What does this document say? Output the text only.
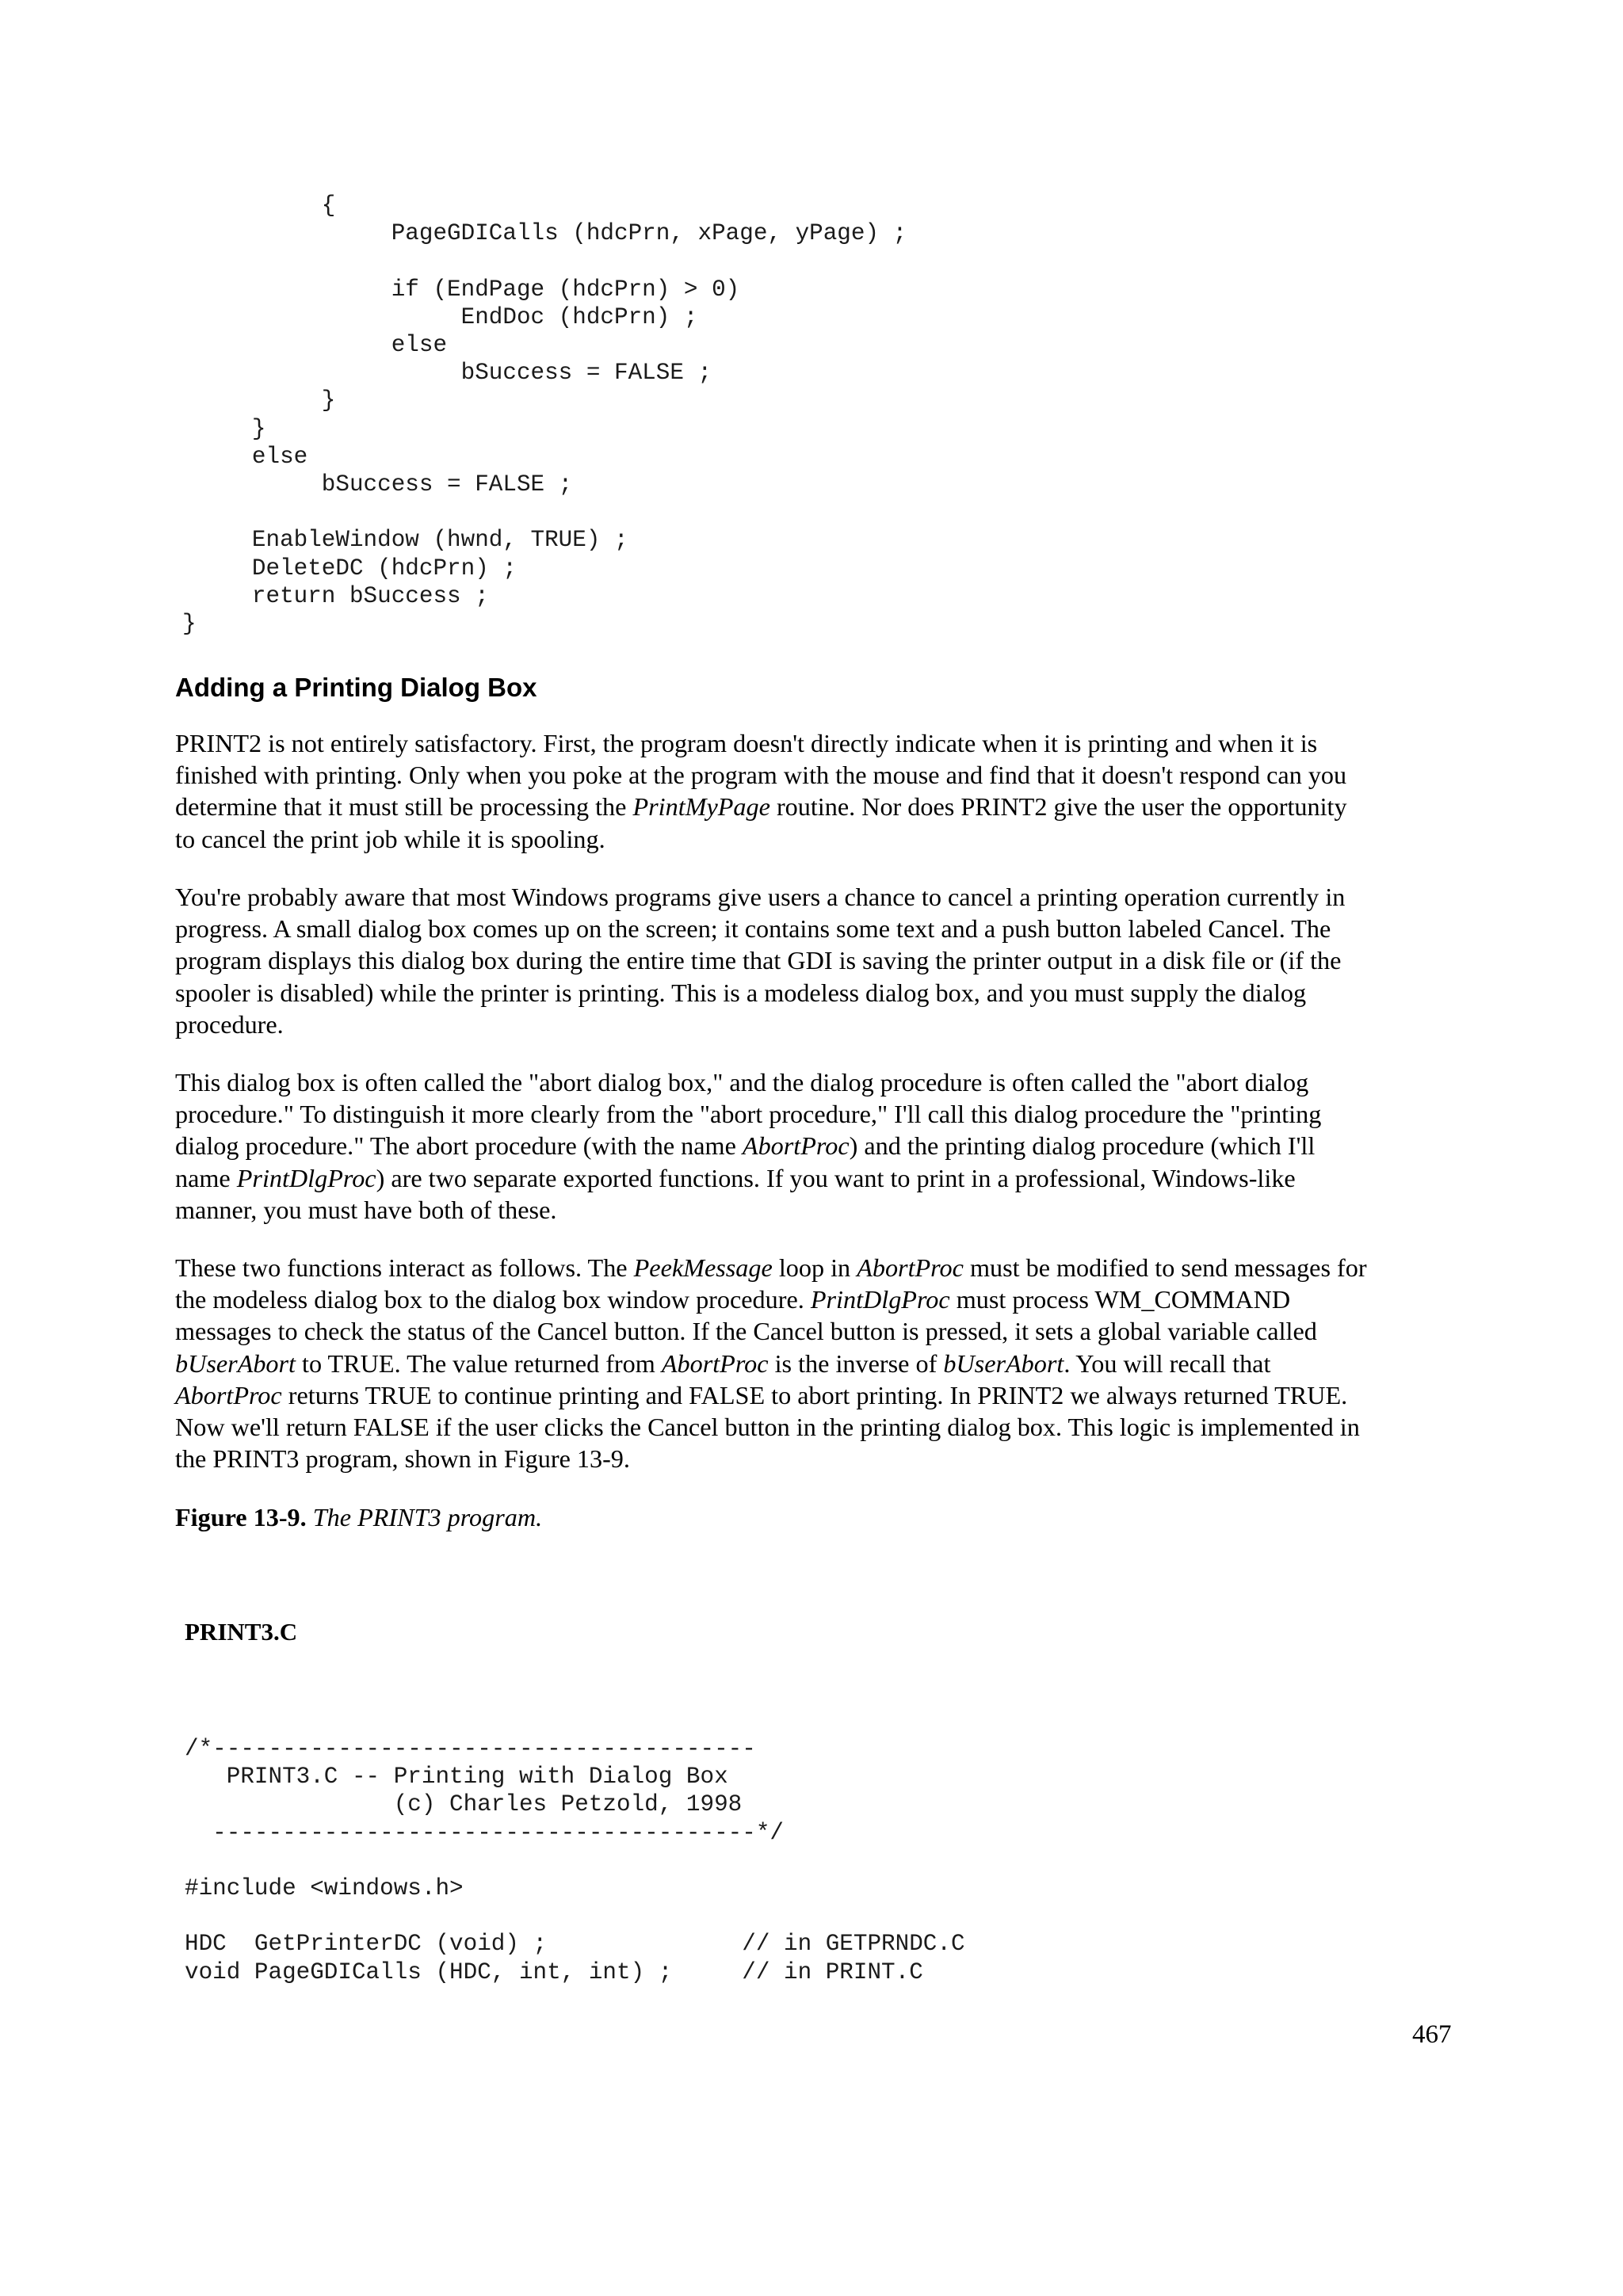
{
PageGDICalls (hdcPrn, xPage, yPage) ;

if (EndPage (hdcPrn) > 0)
EndDoc (hdcPrn) ;
else
bSuccess = FALSE ;
}
}
else
bSuccess = FALSE ;

EnableWindow (hwnd, TRUE) ;
DeleteDC (hdcPrn) ;
return bSuccess ;
}
Adding a Printing Dialog Box

PRINT2 is not entirely satisfactory. First, the program doesn't directly indicate when it is printing and when it is
finished with printing. Only when you poke at the program with the mouse and find that it doesn't respond can you
determine that it must still be processing the PrintMyPage routine. Nor does PRINT2 give the user the opportunity
to cancel the print job while it is spooling.

You're probably aware that most Windows programs give users a chance to cancel a printing operation currently in
progress. A small dialog box comes up on the screen; it contains some text and a push button labeled Cancel. The
program displays this dialog box during the entire time that GDI is saving the printer output in a disk file or (if the
spooler is disabled) while the printer is printing. This is a modeless dialog box, and you must supply the dialog
procedure.

This dialog box is often called the "abort dialog box," and the dialog procedure is often called the "abort dialog
procedure." To distinguish it more clearly from the "abort procedure," I'll call this dialog procedure the "printing
dialog procedure." The abort procedure (with the name AbortProc) and the printing dialog procedure (which I'll
name PrintDlgProc) are two separate exported functions. If you want to print in a professional, Windows-like
manner, you must have both of these.

These two functions interact as follows. The PeekMessage loop in AbortProc must be modified to send messages for
the modeless dialog box to the dialog box window procedure. PrintDlgProc must process WM_COMMAND
messages to check the status of the Cancel button. If the Cancel button is pressed, it sets a global variable called
bUserAbort to TRUE. The value returned from AbortProc is the inverse of bUserAbort. You will recall that
AbortProc returns TRUE to continue printing and FALSE to abort printing. In PRINT2 we always returned TRUE.
Now we'll return FALSE if the user clicks the Cancel button in the printing dialog box. This logic is implemented in
the PRINT3 program, shown in Figure 13-9.

Figure 13-9. The PRINT3 program.

PRINT3.C

/*---------------------------------------
PRINT3.C -- Printing with Dialog Box
(c) Charles Petzold, 1998
---------------------------------------*/

#include <windows.h>

HDC  GetPrinterDC (void) ;              // in GETPRNDC.C
void PageGDICalls (HDC, int, int) ;     // in PRINT.C

467
